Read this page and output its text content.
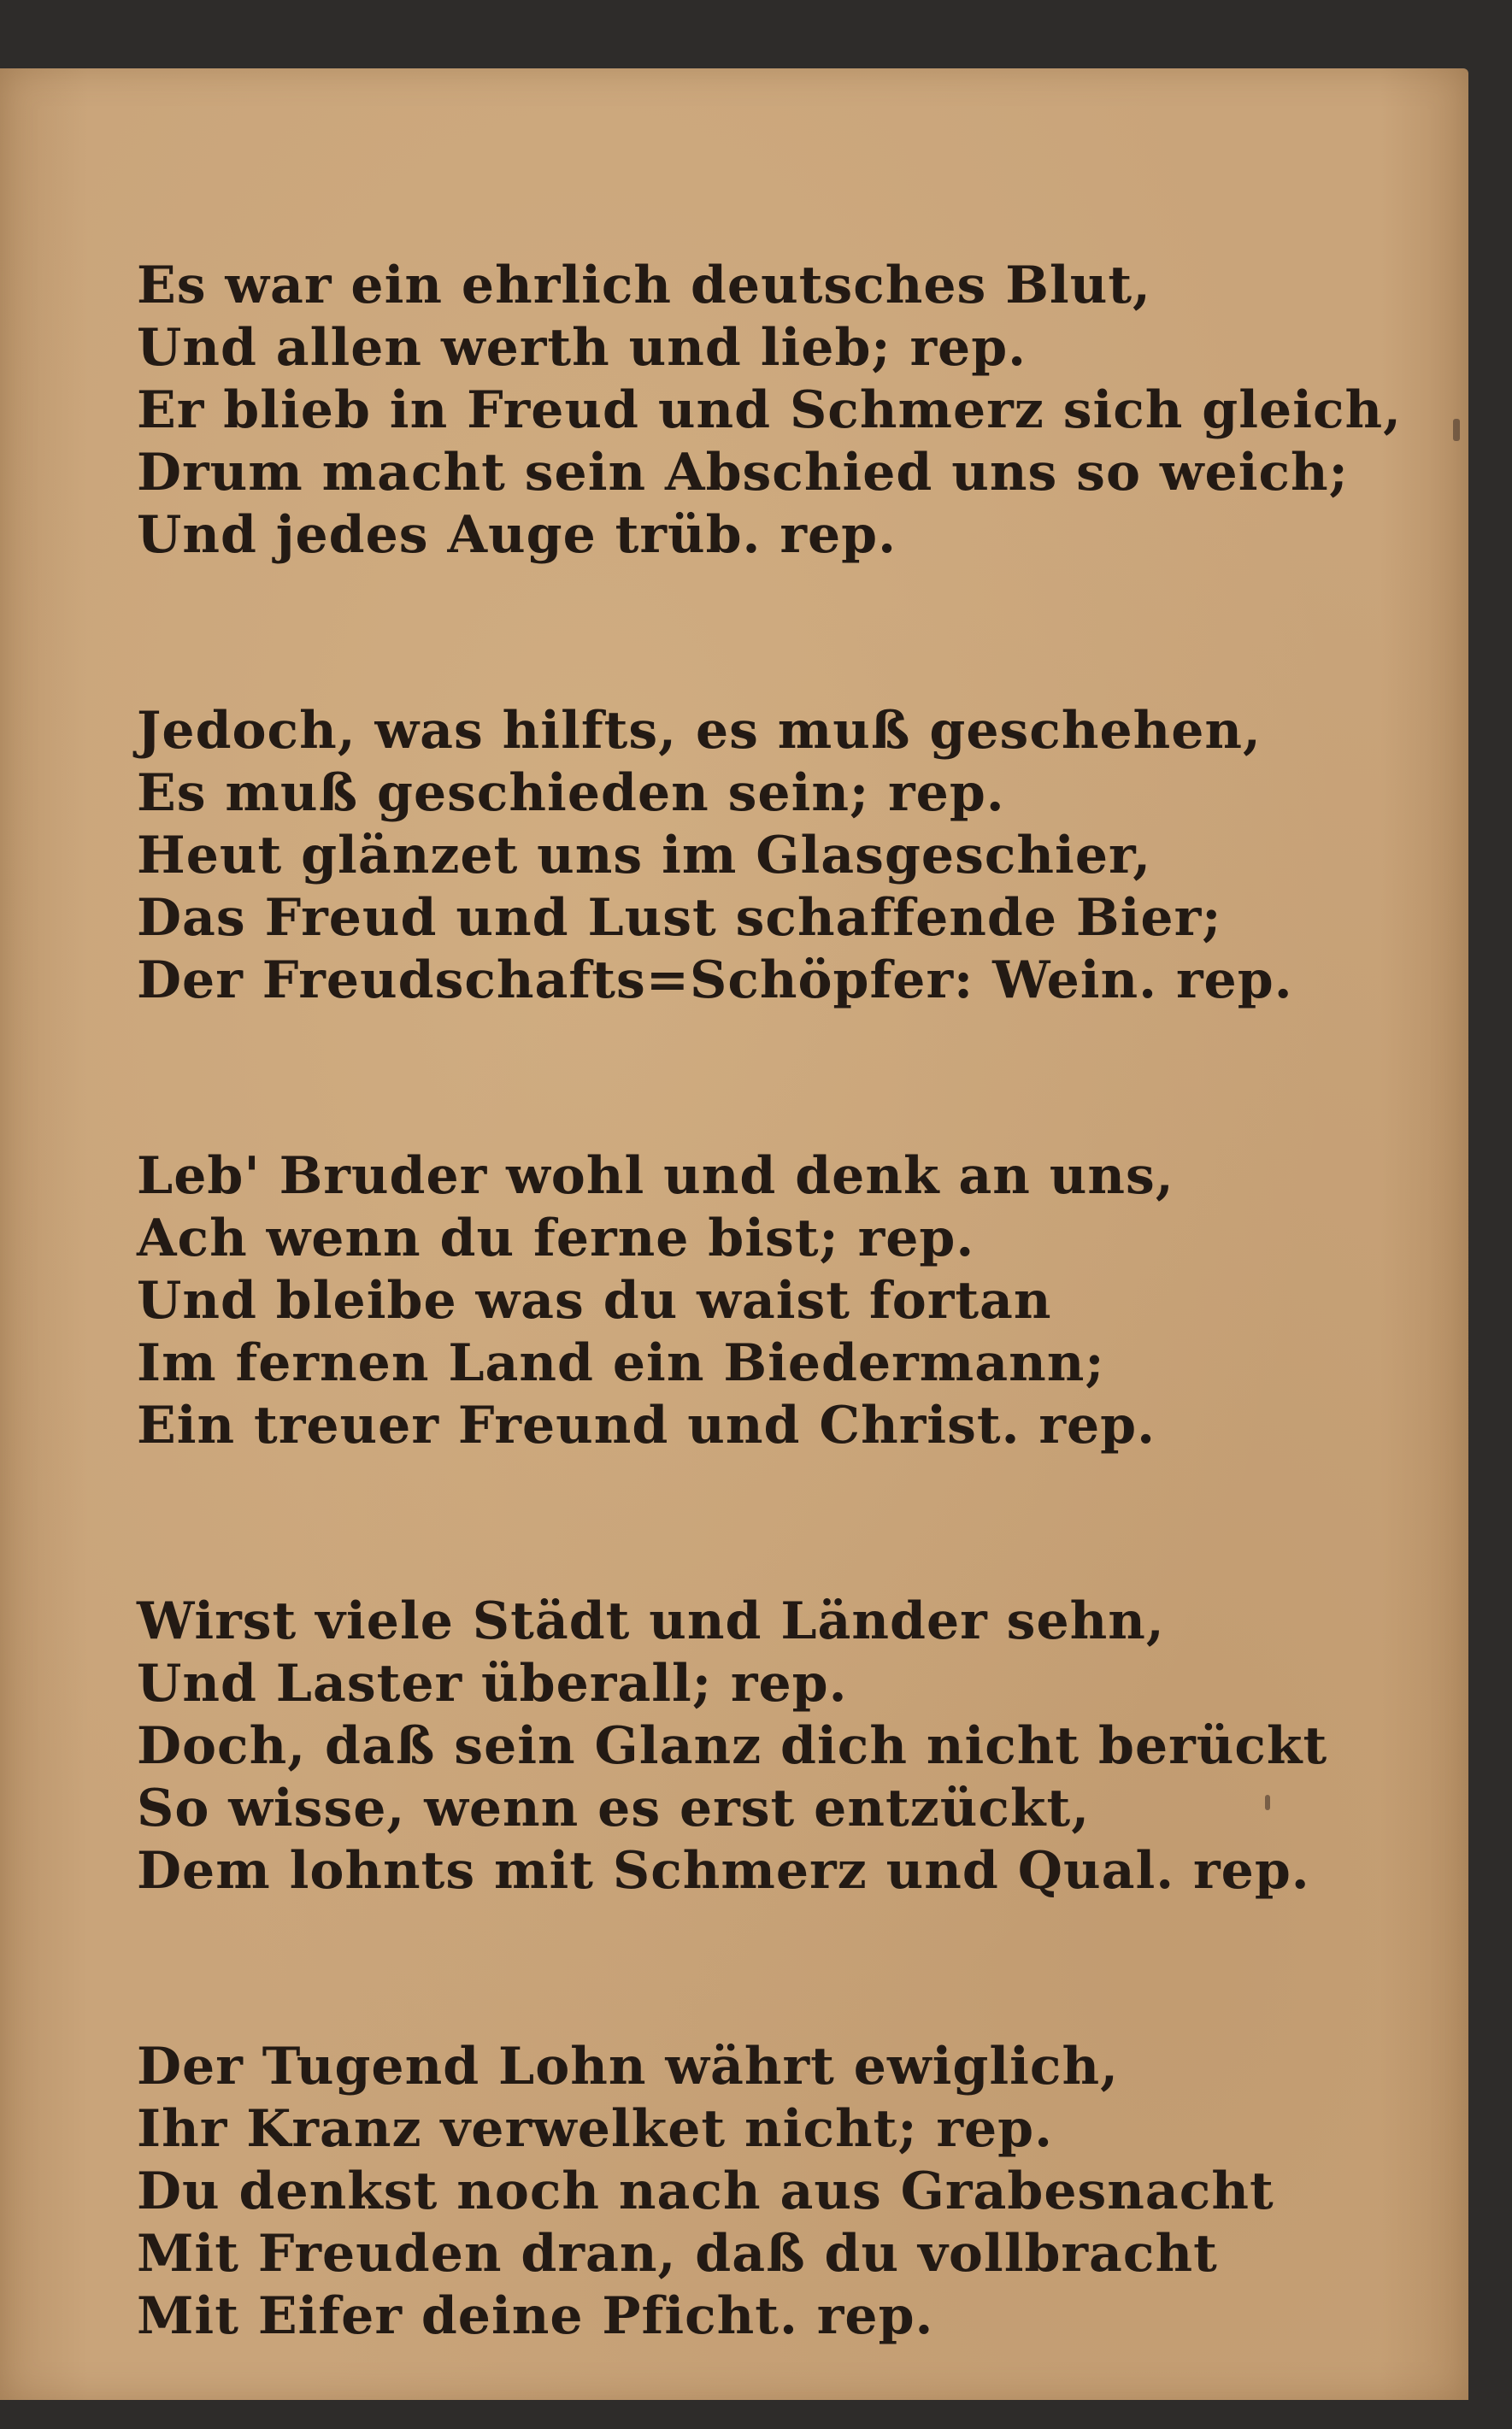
Es war ein ehrlich deutsches Blut,
Und allen werth und lieb; rep.
Er blieb in Freud und Schmerz sich gleich,
Drum macht sein Abschied uns so weich;
Und jedes Auge trüb. rep.
Jedoch, was hilfts, es muß geschehen,
Es muß geschieden sein; rep.
Heut glänzet uns im Glasgeschier,
Das Freud und Lust schaffende Bier;
Der Freudschafts=Schöpfer: Wein. rep.
Leb' Bruder wohl und denk an uns,
Ach wenn du ferne bist; rep.
Und bleibe was du waist fortan
Im fernen Land ein Biedermann;
Ein treuer Freund und Christ. rep.
Wirst viele Städt und Länder sehn,
Und Laster überall; rep.
Doch, daß sein Glanz dich nicht berückt
So wisse, wenn es erst entzückt,
Dem lohnts mit Schmerz und Qual. rep.
Der Tugend Lohn währt ewiglich,
Ihr Kranz verwelket nicht; rep.
Du denkst noch nach aus Grabesnacht
Mit Freuden dran, daß du vollbracht
Mit Eifer deine Pficht. rep.
